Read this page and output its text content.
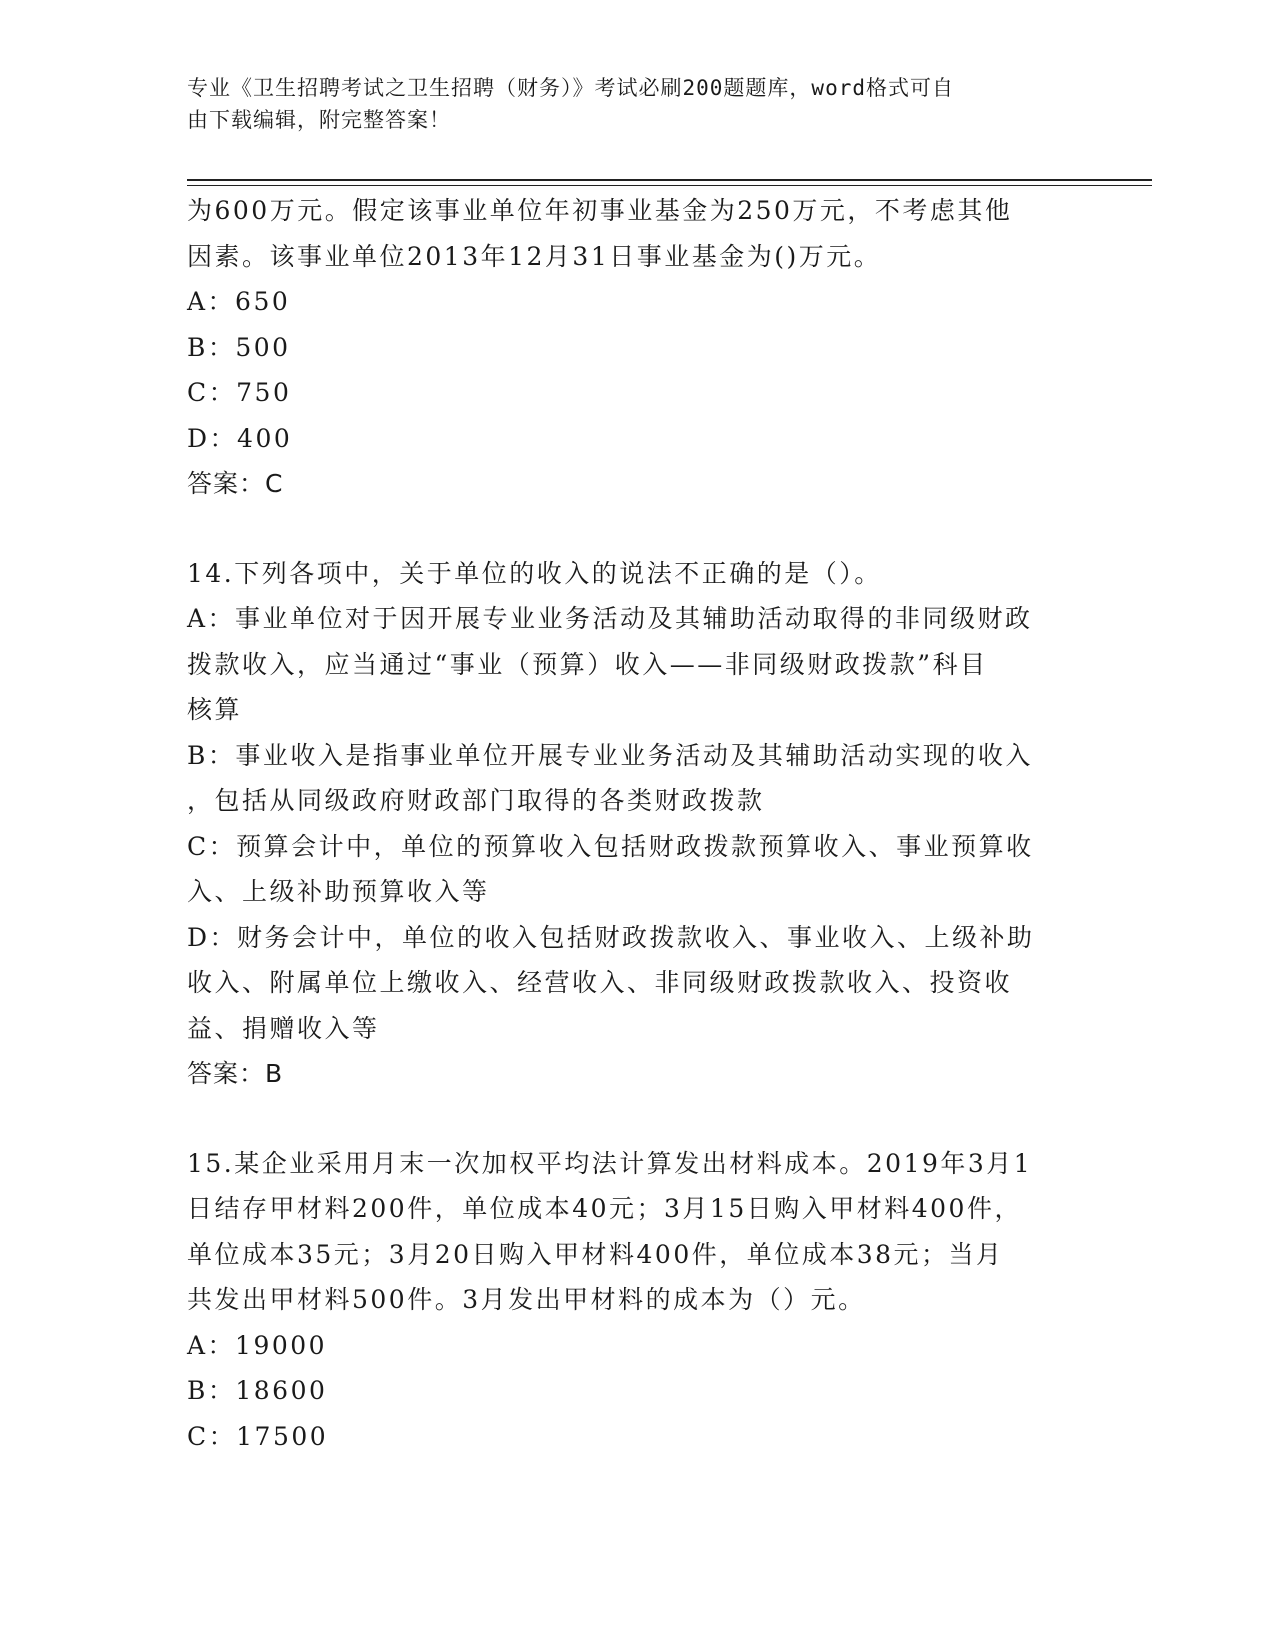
专业《卫生招聘考试之卫生招聘（财务）》考试必刷200题题库，word格式可自
由下载编辑，附完整答案！

为600万元。假定该事业单位年初事业基金为250万元，不考虑其他

因素。该事业单位2013年12月31日事业基金为()万元。

A：650

B：500

C：750

D：400

答案：C

14.下列各项中，关于单位的收入的说法不正确的是（）。

A：事业单位对于因开展专业业务活动及其辅助活动取得的非同级财政

拨款收入，应当通过“事业（预算）收入——非同级财政拨款”科目

核算

B：事业收入是指事业单位开展专业业务活动及其辅助活动实现的收入

，包括从同级政府财政部门取得的各类财政拨款

C：预算会计中，单位的预算收入包括财政拨款预算收入、事业预算收

入、上级补助预算收入等

D：财务会计中，单位的收入包括财政拨款收入、事业收入、上级补助

收入、附属单位上缴收入、经营收入、非同级财政拨款收入、投资收

益、捐赠收入等

答案：B

15.某企业采用月末一次加权平均法计算发出材料成本。2019年3月1

日结存甲材料200件，单位成本40元；3月15日购入甲材料400件，

单位成本35元；3月20日购入甲材料400件，单位成本38元；当月

共发出甲材料500件。3月发出甲材料的成本为（）元。

A：19000

B：18600

C：17500
